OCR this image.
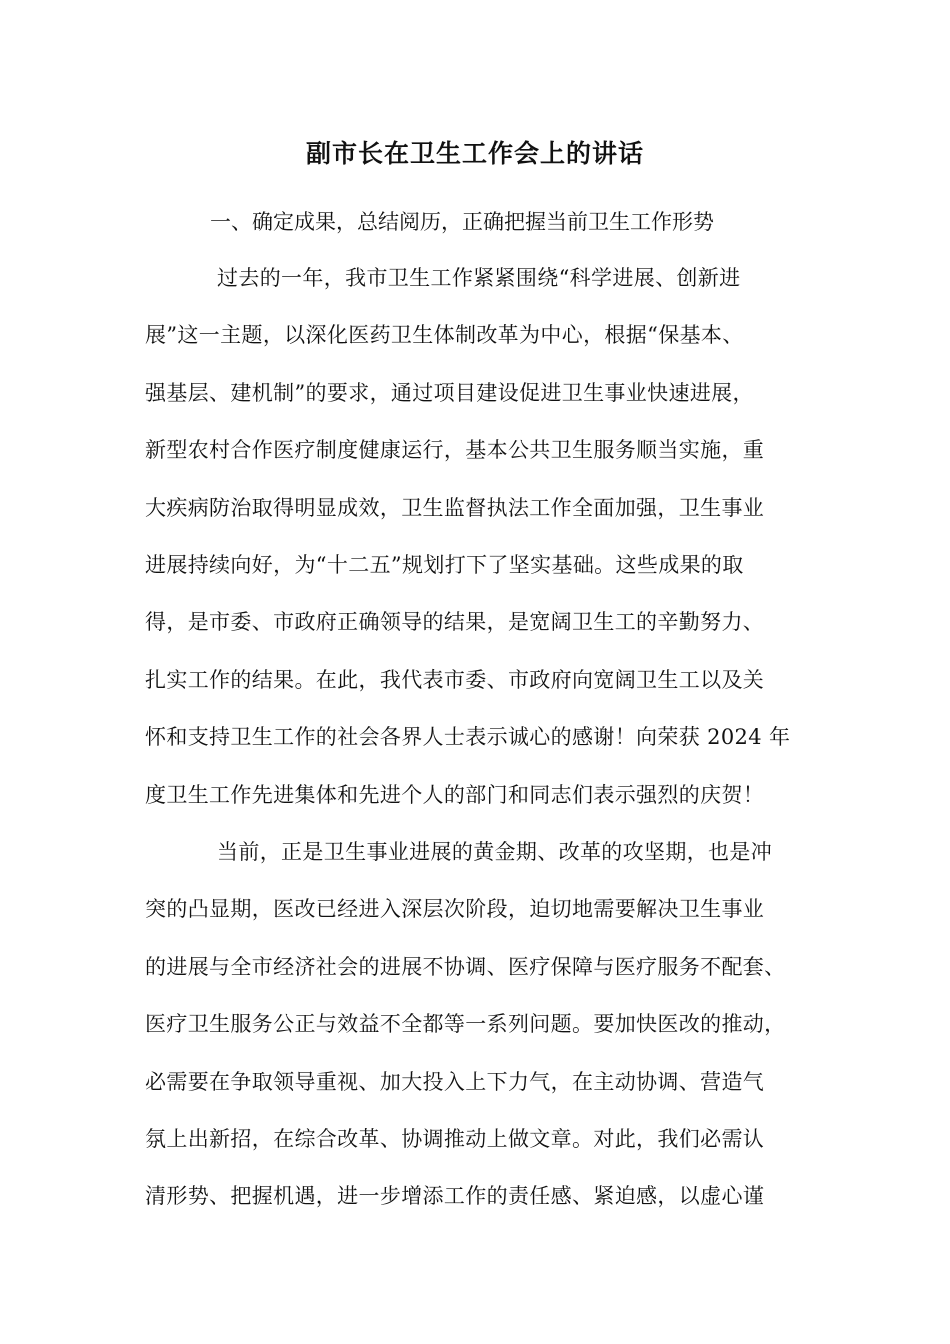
副市长在卫生工作会上的讲话
一、确定成果，总结阅历，正确把握当前卫生工作形势
过去的一年，我市卫生工作紧紧围绕“科学进展、创新进
展”这一主题，以深化医药卫生体制改革为中心，根据“保基本、
强基层、建机制”的要求，通过项目建设促进卫生事业快速进展，
新型农村合作医疗制度健康运行，基本公共卫生服务顺当实施，重
大疾病防治取得明显成效，卫生监督执法工作全面加强，卫生事业
进展持续向好，为“十二五”规划打下了坚实基础。这些成果的取
得，是市委、市政府正确领导的结果，是宽阔卫生工的辛勤努力、
扎实工作的结果。在此，我代表市委、市政府向宽阔卫生工以及关
怀和支持卫生工作的社会各界人士表示诚心的感谢！向荣获 2024 年
度卫生工作先进集体和先进个人的部门和同志们表示强烈的庆贺！
当前，正是卫生事业进展的黄金期、改革的攻坚期，也是冲
突的凸显期，医改已经进入深层次阶段，迫切地需要解决卫生事业
的进展与全市经济社会的进展不协调、医疗保障与医疗服务不配套、
医疗卫生服务公正与效益不全都等一系列问题。要加快医改的推动，
必需要在争取领导重视、加大投入上下力气，在主动协调、营造气
氛上出新招，在综合改革、协调推动上做文章。对此，我们必需认
清形势、把握机遇，进一步增添工作的责任感、紧迫感，以虚心谨
